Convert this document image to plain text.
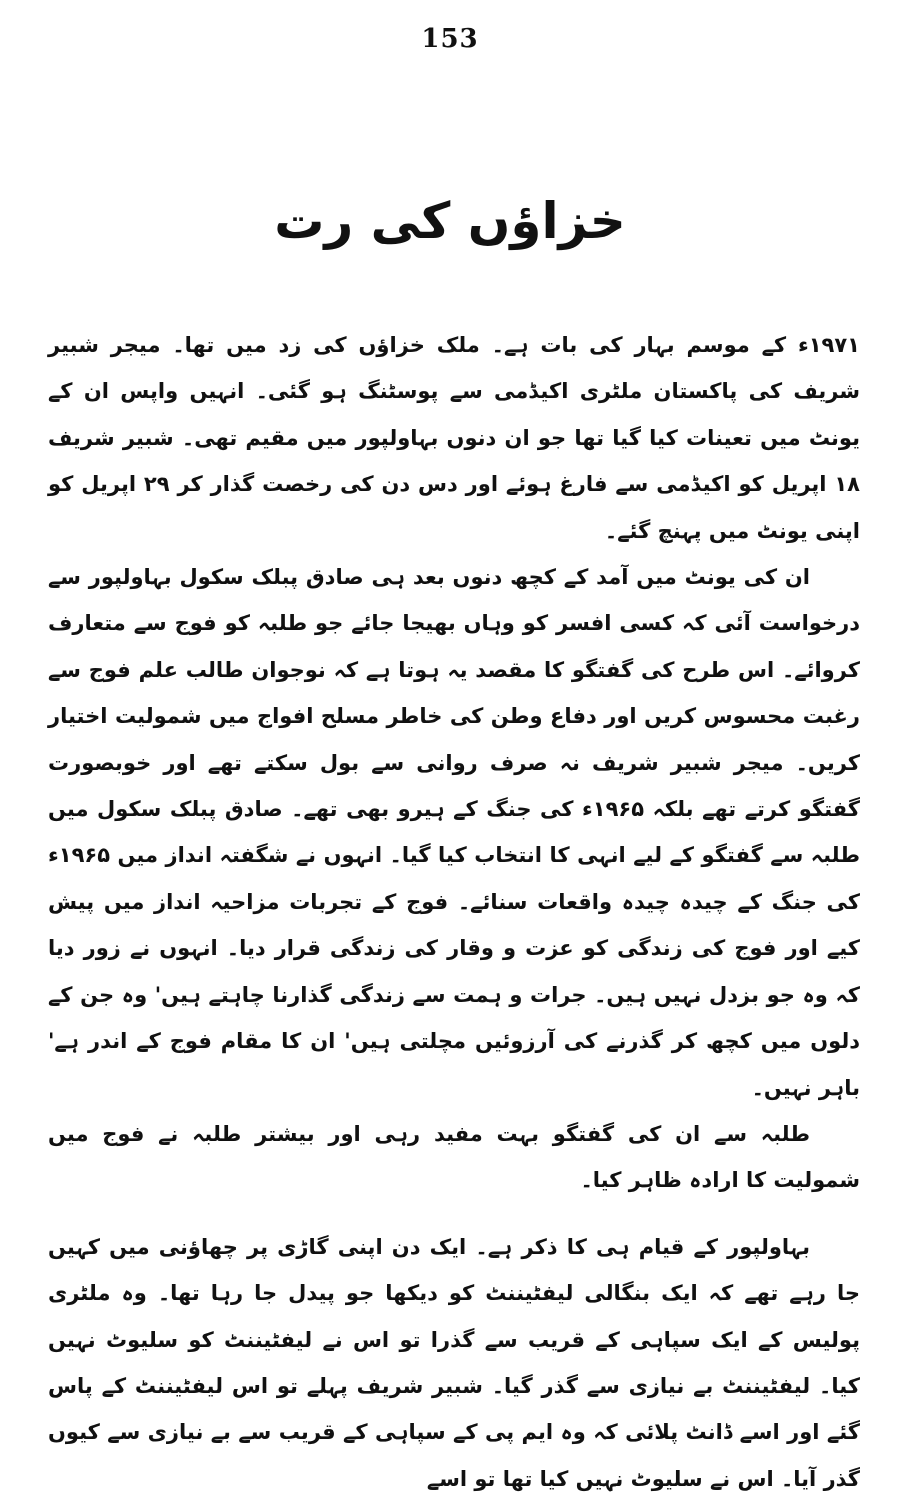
153
خزاؤں کی رت

۱۹۷۱ء کے موسم بہار کی بات ہے۔ ملک خزاؤں کی زد میں تھا۔ میجر شبیر شریف کی پاکستان ملٹری اکیڈمی سے پوسٹنگ ہو گئی۔ انہیں واپس ان کے یونٹ میں تعینات کیا گیا تھا جو ان دنوں بہاولپور میں مقیم تھی۔ شبیر شریف ۱۸ اپریل کو اکیڈمی سے فارغ ہوئے اور دس دن کی رخصت گذار کر ۲۹ اپریل کو اپنی یونٹ میں پہنچ گئے۔

ان کی یونٹ میں آمد کے کچھ دنوں بعد ہی صادق پبلک سکول بہاولپور سے درخواست آئی کہ کسی افسر کو وہاں بھیجا جائے جو طلبہ کو فوج سے متعارف کروائے۔ اس طرح کی گفتگو کا مقصد یہ ہوتا ہے کہ نوجوان طالب علم فوج سے رغبت محسوس کریں اور دفاع وطن کی خاطر مسلح افواج میں شمولیت اختیار کریں۔ میجر شبیر شریف نہ صرف روانی سے بول سکتے تھے اور خوبصورت گفتگو کرتے تھے بلکہ ۱۹۶۵ء کی جنگ کے ہیرو بھی تھے۔ صادق پبلک سکول میں طلبہ سے گفتگو کے لیے انہی کا انتخاب کیا گیا۔ انہوں نے شگفتہ انداز میں ۱۹۶۵ء کی جنگ کے چیدہ چیدہ واقعات سنائے۔ فوج کے تجربات مزاحیہ انداز میں پیش کیے اور فوج کی زندگی کو عزت و وقار کی زندگی قرار دیا۔ انہوں نے زور دیا کہ وہ جو بزدل نہیں ہیں۔ جرات و ہمت سے زندگی گذارنا چاہتے ہیں' وہ جن کے دلوں میں کچھ کر گذرنے کی آرزوئیں مچلتی ہیں' ان کا مقام فوج کے اندر ہے' باہر نہیں۔

طلبہ سے ان کی گفتگو بہت مفید رہی اور بیشتر طلبہ نے فوج میں شمولیت کا ارادہ ظاہر کیا۔

بہاولپور کے قیام ہی کا ذکر ہے۔ ایک دن اپنی گاڑی پر چھاؤنی میں کہیں جا رہے تھے کہ ایک بنگالی لیفٹیننٹ کو دیکھا جو پیدل جا رہا تھا۔ وہ ملٹری پولیس کے ایک سپاہی کے قریب سے گذرا تو اس نے لیفٹیننٹ کو سلیوٹ نہیں کیا۔ لیفٹیننٹ بے نیازی سے گذر گیا۔ شبیر شریف پہلے تو اس لیفٹیننٹ کے پاس گئے اور اسے ڈانٹ پلائی کہ وہ ایم پی کے سپاہی کے قریب سے بے نیازی سے کیوں گذر آیا۔ اس نے سلیوٹ نہیں کیا تھا تو اسے
